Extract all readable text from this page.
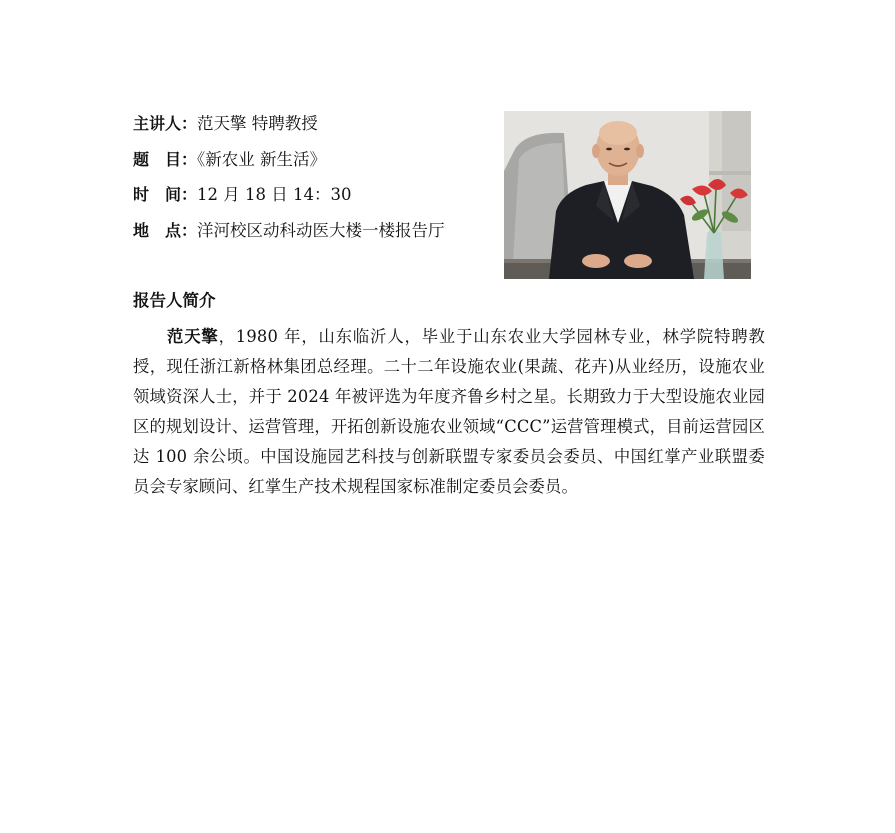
主讲人：范天擎 特聘教授
题　目：《新农业 新生活》
时　间：12 月 18 日 14：30
地　点：洋河校区动科动医大楼一楼报告厅
报告人简介

范天擎，1980 年，山东临沂人，毕业于山东农业大学园林专业，林学院特聘教授，现任浙江新格林集团总经理。二十二年设施农业(果蔬、花卉)从业经历，设施农业领域资深人士，并于 2024 年被评选为年度齐鲁乡村之星。长期致力于大型设施农业园区的规划设计、运营管理，开拓创新设施农业领域“CCC”运营管理模式，目前运营园区达 100 余公顷。中国设施园艺科技与创新联盟专家委员会委员、中国红掌产业联盟委员会专家顾问、红掌生产技术规程国家标准制定委员会委员。
